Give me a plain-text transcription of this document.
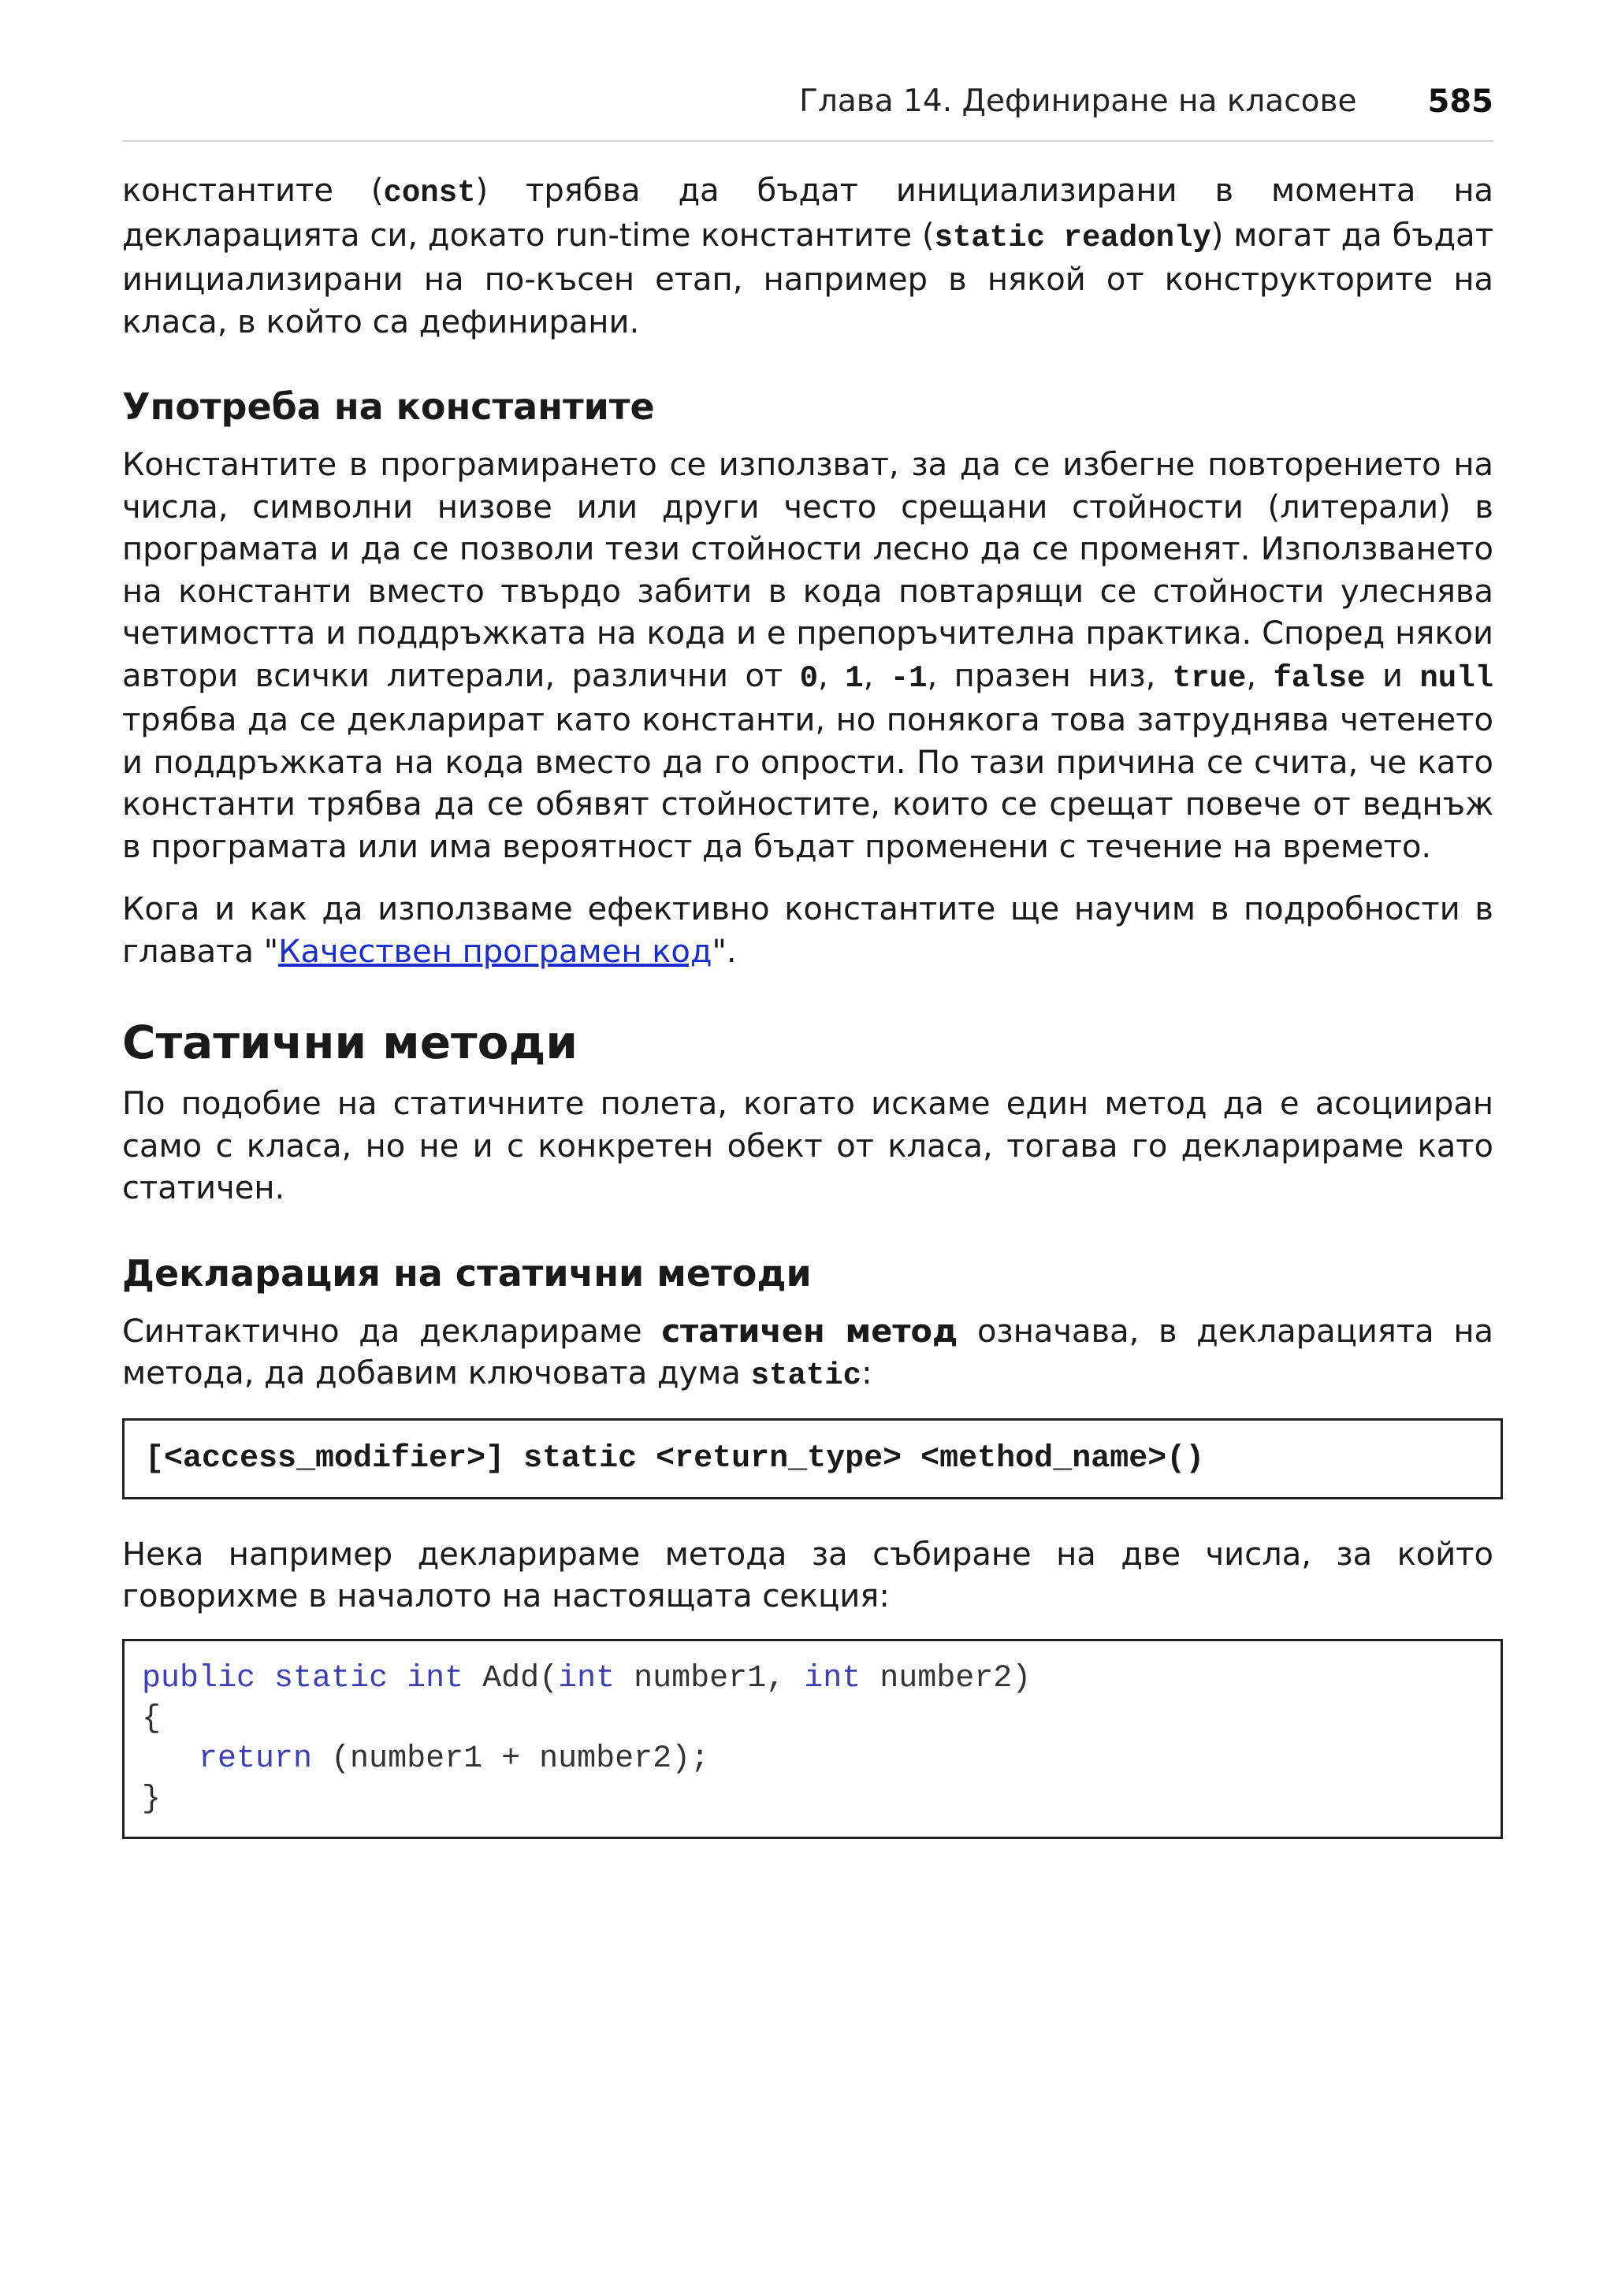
Глава 14. Дефиниране на класове 585

константите (const) трябва да бъдат инициализирани в момента на декларацията си, докато run-time константите (static readonly) могат да бъдат инициализирани на по-късен етап, например в някой от конструкторите на класа, в който са дефинирани.

Употреба на константите

Константите в програмирането се използват, за да се избегне повторението на числа, символни низове или други често срещани стойности (литерали) в програмата и да се позволи тези стойности лесно да се променят. Използването на константи вместо твърдо забити в кода повтарящи се стойности улеснява четимостта и поддръжката на кода и е препоръчителна практика. Според някои автори всички литерали, различни от 0, 1, -1, празен низ, true, false и null трябва да се декларират като константи, но понякога това затруднява четенето и поддръжката на кода вместо да го опрости. По тази причина се счита, че като константи трябва да се обявят стойностите, които се срещат повече от веднъж в програмата или има вероятност да бъдат променени с течение на времето.

Кога и как да използваме ефективно константите ще научим в подробности в главата "Качествен програмен код".

Статични методи

По подобие на статичните полета, когато искаме един метод да е асоцииран само с класа, но не и с конкретен обект от класа, тогава го декларираме като статичен.

Декларация на статични методи

Синтактично да декларираме статичен метод означава, в декларацията на метода, да добавим ключовата дума static:

[<access_modifier>] static <return_type> <method_name>()

Нека например декларираме метода за събиране на две числа, за който говорихме в началото на настоящата секция:

public static int Add(int number1, int number2)
{
return (number1 + number2);
}
